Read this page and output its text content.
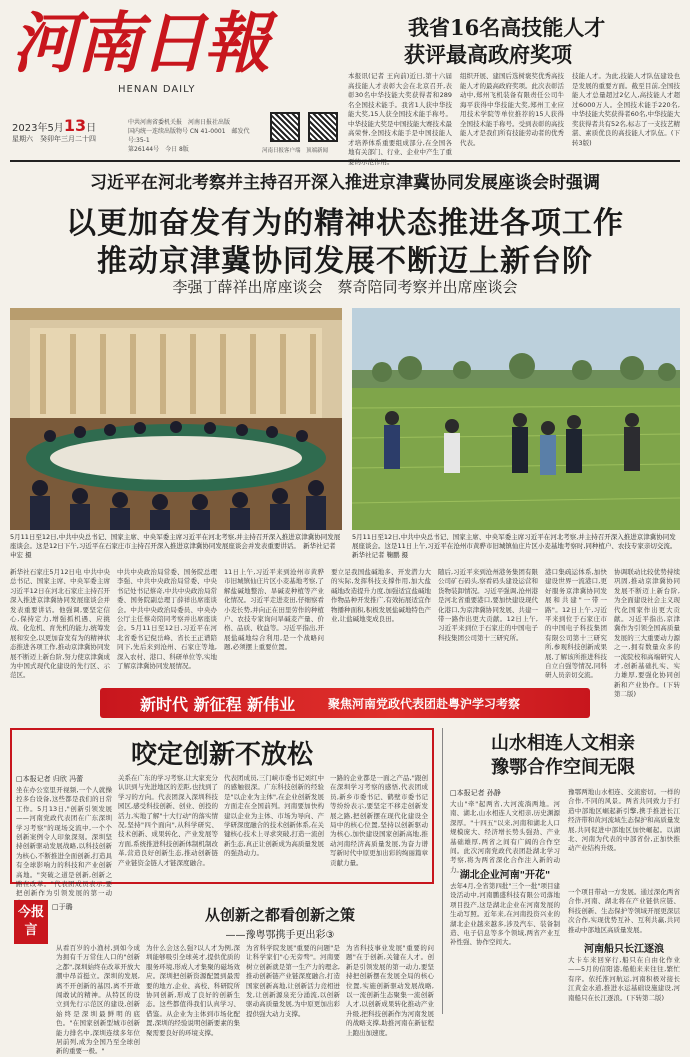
河南日報
HENAN DAILY
2023年5月13日
星期六　癸卯年三月二十四
中共河南省委机关报　河南日报社出版
国内统一连续出版物号 CN 41-0001　邮发代号:35-1
第26144号　今日 8版	河南日报客户端　顶端新闻
我省16名高技能人才
获评最高政府奖项
本报讯(记者 王向前)近日,第十六届高技能人才表彰大会在北京召开,表彰30名中华技能大奖获得者和289名全国技术能手。我省1人获中华技能大奖,15人获全国技术能手称号。中华技能大奖是中国技能大赛技术最高荣誉,全国技术能手是中国技能人才培养体系重要组成部分,在全国各地有关部门、行业、企业中产生了重
组织开展、建国后选树褒奖优秀高技能人才的最高政府奖项。此次表彰活动中,郑州飞机装备有限责任公司牛海平获得中华技能大奖,郑州工业应用技术学院等单位推荐的15人获得全国技术能手称号。受到表彰的高技能人才是我们所有技能劳动者的优秀代表。
技能人才。为此,技能人才队伍建设也是发展的重要方面。截至目前,全国技能人才总量超过2亿人,高技能人才超过6000万人。全国技术能手220名,中华技能大奖获得者60名,中华技能大奖获得者共有52名,标志了一支技艺精湛、素质优良的高技能人才队伍。(下转3版)
习近平在河北考察并主持召开深入推进京津冀协同发展座谈会时强调
以更加奋发有为的精神状态推进各项工作
推动京津冀协同发展不断迈上新台阶
李强丁薛祥出席座谈会　蔡奇陪同考察并出席座谈会
5月11日至12日,中共中央总书记、国家主席、中央军委主席习近平在河北考察,并主持召开深入推进京津冀协同发展座谈会。这是12日下午,习近平在石家庄市主持召开深入推进京津冀协同发展座谈会并发表重要讲话。　新华社记者 申宏 摄
5月11日至12日,中共中央总书记、国家主席、中央军委主席习近平在河北考察,并主持召开深入推进京津冀协同发展座谈会。这是11日上午,习近平在沧州市黄骅市旧城镇仙庄片区小麦基地考察时,同种植户、农技专家亲切交流。　新华社记者 鞠鹏 摄
新华社石家庄5月12日电 中共中央总书记、国家主席、中央军委主席习近平12日在河北石家庄主持召开深入推进京津冀协同发展座谈会并发表重要讲话。他强调,要坚定信心,保持定力,增强抓机遇、应挑战、化危机、育先机的能力,统筹发展和安全,以更加奋发有为的精神状态推进各项工作,推动京津冀协同发展不断迈上新台阶,努力使京津冀成为中国式现代化建设的先行区、示范区。
中共中央政治局常委、国务院总理李强、中共中央政治局常委、中央书记处书记蔡奇,中共中央政治局常委、国务院副总理丁薛祥出席座谈会。中共中央政治局委员、中央办公厅主任蔡奇陪同考察并出席座谈会。5月11日至12日,习近平在河北省委书记倪岳峰、省长王正谱陪同下,先后来到沧州、石家庄等地,深入农村、港口、科研单位等,实地了解京津冀协同发展情况。
11日上午,习近平来到沧州市黄骅市旧城镇仙庄片区小麦基地考察,了解盐碱地整治、旱碱麦种植等产业化情况。习近平走进麦田,仔细察看小麦长势,并向正在田里劳作的种植户、农技专家询问旱碱麦产量、价格、品质、收益等。习近平指出,开展盐碱地综合利用,是一个战略问题,必须摆上重要位置。
要立足我国盐碱地多、开发潜力大的实际,发挥科技支撑作用,加大盐碱地改造提升力度,加强适宜盐碱地作物品种开发推广,有效拓展适宜作物播种面积,积极发展盐碱地特色产业,让盐碱地变成良田。
随后,习近平来到沧州港务集团有限公司矿石码头,察看码头建设运营和货物装卸情况。习近平强调,沧州港是河北省重要港口,要加快建设现代化港口,为京津冀协同发展、共建一带一路作出更大贡献。12日上午,习近平来到位于石家庄的中国电子科技集团公司第十三研究所。
港口集疏运体系,加快建设世界一流港口,更好服务京津冀协同发展和共建"一带一路"。12日上午,习近平来到位于石家庄市的中国电子科技集团有限公司第十三研究所,参观科技创新成果展,了解该所推进科技自立自强等情况,同科研人员亲切交流。
协调联动比较优势持续巩固,推动京津冀协同发展不断迈上新台阶,为全面建设社会主义现代化国家作出更大贡献。习近平指出,京津冀作为引领全国高质量发展的三大重要动力源之一,拥有数量众多的一流院校和高端研究人才,创新基础扎实、实力雄厚,要强化协同创新和产业协作。(下转第二版)
新时代 新征程 新伟业	聚焦河南党政代表团赴粤沪学习考察
咬定创新不放松
□本报记者 归欣 冯蕾
坐在办公室里开视频,一个人就操控多台设备,这些都是我们的日常工作。5月13日,"创新引领发展——河南党政代表团在广东深圳学习考察"的现场交流中,一个个创新案例令人印象深刻。深圳坚持创新驱动发展战略,以科技创新为核心,不断推进全面创新,打造具有全球影响力的科技和产业创新高地。"突破之道是创新,创新之路在改革。"代表团成员表示,要把创新作为引领发展的第一动
关系在广东的学习考察,让大家充分认识到与先进地区的差距,也找到了学习的方向。代表团深入深圳科技园区,感受科技创新、创业、创投的活力,实地了解"十大行动"的落实情况,坚持"四个面向",从科学研究、技术创新、成果转化、产业发展等方面,系统推进科技创新体制机制改革,营造良好创新生态,推动创新链产业链资金链人才链深度融合。
代表团成员,三门峡市委书记刘红中的感触很深。广东科技创新的经验是"以企业为主体",在企业创新发展方面走在全国前列。河南要加快构建以企业为主体、市场为导向、产学研深度融合的技术创新体系,在关键核心技术上寻求突破,打造一流创新生态,真正让创新成为高质量发展的强劲动力。
一路的企业都是一面之产品,"跟创在深圳学习考察的感悟,代表团成员,新乡市委书记、鹤壁市委书记等纷纷表示,要坚定不移走创新发展之路,把创新摆在现代化建设全局中的核心位置,坚持以创新驱动为核心,加快建设国家创新高地,推动河南经济高质量发展,为奋力谱写新时代中原更加出彩的绚丽篇章贡献力量。
今报言
□于璐	从创新之都看创新之策
——豫粤鄂携手更出彩③
从看百岁的小渔村,到如今成为拥有千万常住人口的"创新之都",深圳始终在改革开放大潮中昂首挺立。深圳的发展,离不开创新的基因,离不开敢闯敢试的精神。从特区的设立到先行示范区的建设,创新始终是深圳最鲜明的底色。"在国家创新型城市创新能力排名中,深圳连续多年位居前列,成为全国乃至全球创新的重要一极。"
为什么会这么强?以人才为例,深圳能够吸引全球英才,提供优质的服务环境,形成人才集聚的磁场效应。深圳把创新资源配置到最需要的地方,企业、高校、科研院所协同创新,形成了良好的创新生态。这些都值得我们认真学习、借鉴。从企业为主体到市场化配置,深圳的经验说明创新要素的集聚需要良好的环境支撑。
为省科学院发展"重要的问题"是让科学家们"心无旁骛"。河南要树立创新就是第一生产力的理念,推动创新链产业链深度融合,打造国家创新高地,让创新活力竞相迸发,让创新源泉充分涌流,以创新驱动高质量发展,为中原更加出彩提供强大动力支撑。
为省科技事业发展"重要的问题"在于创新,关键在人才。创新是引领发展的第一动力,要坚持把创新摆在发展全局的核心位置,实施创新驱动发展战略,以一流创新生态聚集一流创新人才,以创新成果转化推动产业升级,把科技创新作为河南发展的战略支撑,助推河南在新征程上跑出加速度。
山水相连人文相亲
豫鄂合作空间无限
□本报记者 孙静
大山"牵"起两省,大河流淌两地。河南、湖北,山水相连人文相亲,历史渊源深厚。"十四五"以来,河南和湖北人口规模庞大、经济增长势头强劲、产业基础雄厚,两省之间有广阔的合作空间。此次河南党政代表团赴湖北学习考察,将为两省深化合作注入新的动力。
湖北企业河南"开花"
去年4月,全省第四批"三个一批"项目建设活动中,河南鹏盛科技有限公司落地项目投产,这是湖北企业在河南发展的生动写照。近年来,在河南投资兴业的湖北企业越来越多,涉及汽车、装备制造、电子信息等多个领域,两省产业互补性强、协作空间大。
豫鄂两地山水相连、交流密切。一样的合作,不同的风景。两省共同致力于打造中部地区崛起新引擎,携手推进长江经济带和黄河流域生态保护和高质量发展,共同促进中部地区加快崛起。以湖北、河南为代表的中部省份,正加快推动产业结构升级。
一个项目带动一方发展。通过深化两省合作,河南、湖北将在产业链供应链、科技创新、生态保护等领域开展更深层次合作,实现优势互补、互利共赢,共同推动中部地区高质量发展。
河南船只长江逐浪
大卡车来回穿行,船只在自由化作业——5月的信阳港,船舶来来往往,繁忙有序。依托淮河航运,河南积极对接长江黄金水道,推进水运基础设施建设,河南船只在长江逐浪。(下转第二版)
